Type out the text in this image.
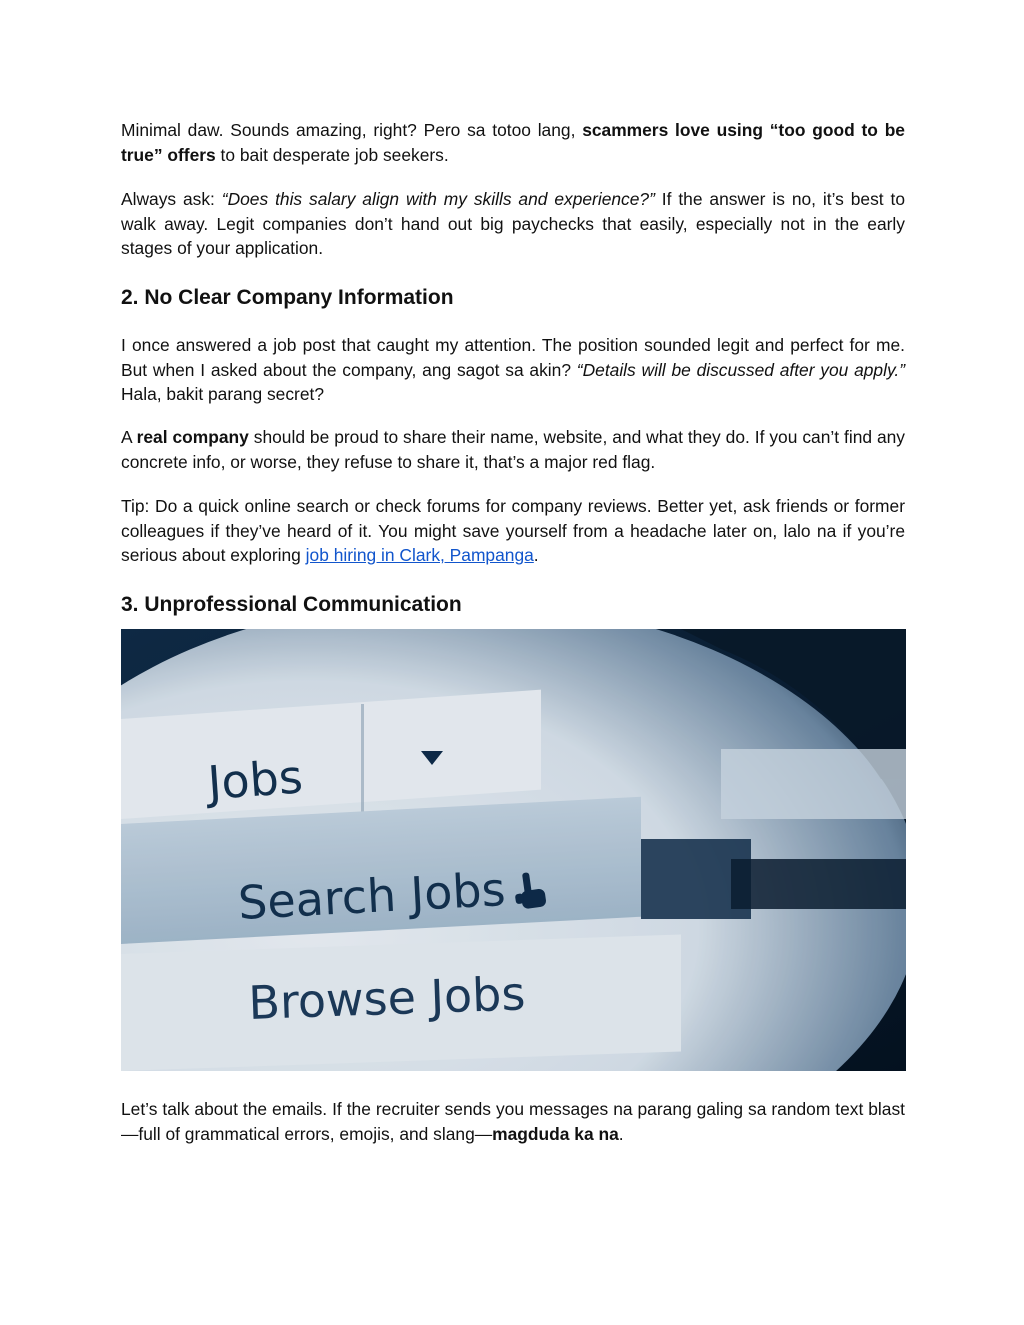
Minimal daw. Sounds amazing, right? Pero sa totoo lang, scammers love using “too good to be true” offers to bait desperate job seekers.

Always ask: “Does this salary align with my skills and experience?” If the answer is no, it’s best to walk away. Legit companies don’t hand out big paychecks that easily, especially not in the early stages of your application.

2. No Clear Company Information

I once answered a job post that caught my attention. The position sounded legit and perfect for me. But when I asked about the company, ang sagot sa akin? “Details will be discussed after you apply.” Hala, bakit parang secret?

A real company should be proud to share their name, website, and what they do. If you can’t find any concrete info, or worse, they refuse to share it, that’s a major red flag.

Tip: Do a quick online search or check forums for company reviews. Better yet, ask friends or former colleagues if they’ve heard of it. You might save yourself from a headache later on, lalo na if you’re serious about exploring job hiring in Clark, Pampanga.

3. Unprofessional Communication
Jobs
Search Jobs
Browse Jobs

Let’s talk about the emails. If the recruiter sends you messages na parang galing sa random text blast—full of grammatical errors, emojis, and slang—magduda ka na.
